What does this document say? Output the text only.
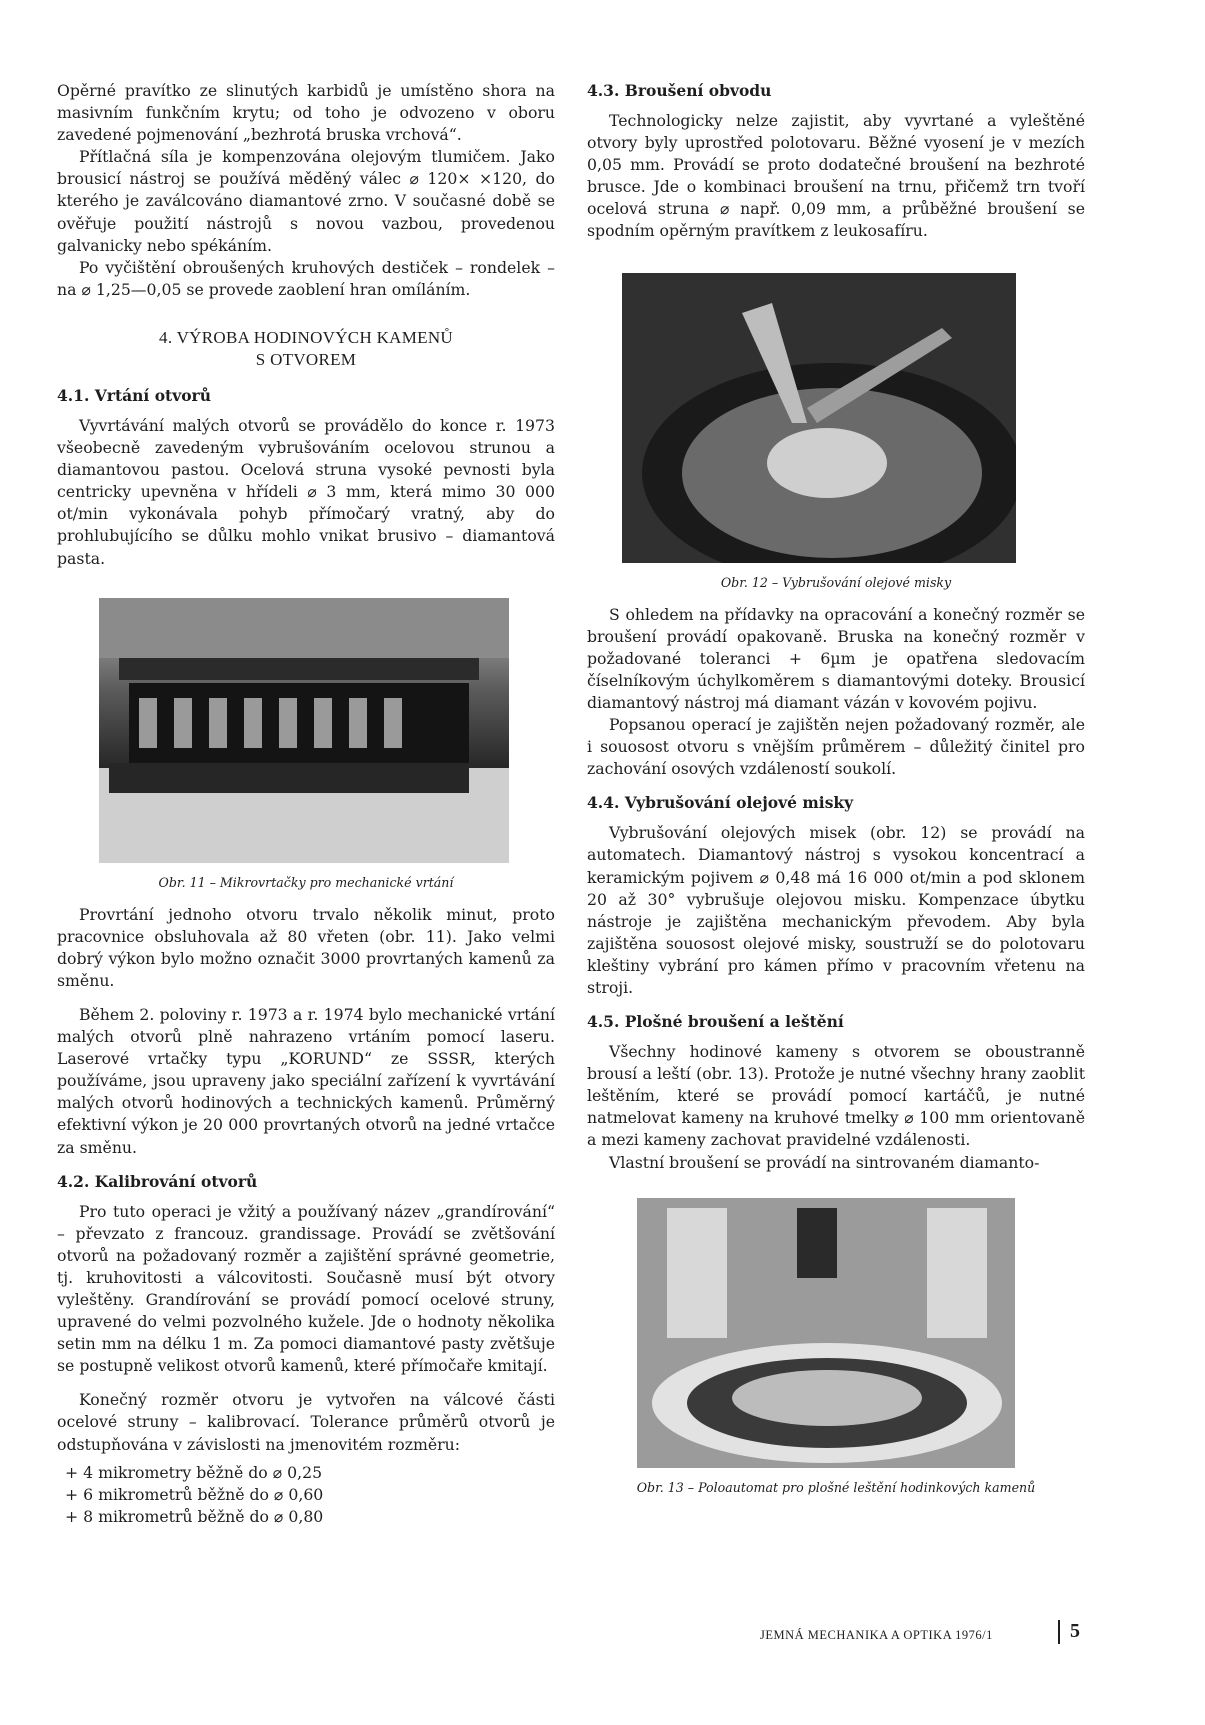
Opěrné pravítko ze slinutých karbidů je umístěno shora na masivním funkčním krytu; od toho je odvozeno v oboru zavedené pojmenování „bezhrotá bruska vrchová“.

Přítlačná síla je kompenzována olejovým tlumičem. Jako brousicí nástroj se používá měděný válec ⌀ 120× ×120, do kterého je zaválcováno diamantové zrno. V současné době se ověřuje použití nástrojů s novou vazbou, provedenou galvanicky nebo spékáním.

Po vyčištění obroušených kruhových destiček – rondelek – na ⌀ 1,25—0,05 se provede zaoblení hran omíláním.

4. VÝROBA HODINOVÝCH KAMENŮ
S OTVOREM
4.1. Vrtání otvorů

Vyvrtávání malých otvorů se provádělo do konce r. 1973 všeobecně zavedeným vybrušováním ocelovou strunou a diamantovou pastou. Ocelová struna vysoké pevnosti byla centricky upevněna v hřídeli ⌀ 3 mm, která mimo 30 000 ot/min vykonávala pohyb přímočarý vratný, aby do prohlubujícího se důlku mohlo vnikat brusivo – diamantová pasta.

Obr. 11 – Mikrovrtačky pro mechanické vrtání

Provrtání jednoho otvoru trvalo několik minut, proto pracovnice obsluhovala až 80 vřeten (obr. 11). Jako velmi dobrý výkon bylo možno označit 3000 provrtaných kamenů za směnu.

Během 2. poloviny r. 1973 a r. 1974 bylo mechanické vrtání malých otvorů plně nahrazeno vrtáním pomocí laseru. Laserové vrtačky typu „KORUND“ ze SSSR, kterých používáme, jsou upraveny jako speciální zařízení k vyvrtávání malých otvorů hodinových a technických kamenů. Průměrný efektivní výkon je 20 000 provrtaných otvorů na jedné vrtačce za směnu.

4.2. Kalibrování otvorů

Pro tuto operaci je vžitý a používaný název „grandírování“ – převzato z francouz. grandissage. Provádí se zvětšování otvorů na požadovaný rozměr a zajištění správné geometrie, tj. kruhovitosti a válcovitosti. Současně musí být otvory vyleštěny. Grandírování se provádí pomocí ocelové struny, upravené do velmi pozvolného kuželе. Jde o hodnoty několika setin mm na délku 1 m. Za pomoci diamantové pasty zvětšuje se postupně velikost otvorů kamenů, které přímočaře kmitají.

Konečný rozměr otvoru je vytvořen na válcové části ocelové struny – kalibrovací. Tolerance průměrů otvorů je odstupňována v závislosti na jmenovitém rozměru:

+ 4 mikrometry běžně do ⌀ 0,25

+ 6 mikrometrů běžně do ⌀ 0,60

+ 8 mikrometrů běžně do ⌀ 0,80

4.3. Broušení obvodu

Technologicky nelze zajistit, aby vyvrtané a vyleštěné otvory byly uprostřed polotovaru. Běžné vyosení je v mezích 0,05 mm. Provádí se proto dodatečné broušení na bezhroté brusce. Jde o kombinaci broušení na trnu, přičemž trn tvoří ocelová struna ⌀ např. 0,09 mm, a průběžné broušení se spodním opěrným pravítkem z leukosafíru.

Obr. 12 – Vybrušování olejové misky

S ohledem na přídavky na opracování a konečný rozměr se broušení provádí opakovaně. Bruska na konečný rozměr v požadované toleranci + 6µm je opatřena sledovacím číselníkovým úchylkoměrem s diamantovými doteky. Brousicí diamantový nástroj má diamant vázán v kovovém pojivu.

Popsanou operací je zajištěn nejen požadovaný rozměr, ale i souosost otvoru s vnějším průměrem – důležitý činitel pro zachování osových vzdáleností soukolí.

4.4. Vybrušování olejové misky

Vybrušování olejových misek (obr. 12) se provádí na automatech. Diamantový nástroj s vysokou koncentrací a keramickým pojivem ⌀ 0,48 má 16 000 ot/min a pod sklonem 20 až 30° vybrušuje olejovou misku. Kompenzace úbytku nástroje je zajištěna mechanickým převodem. Aby byla zajištěna souosost olejové misky, soustruží se do polotovaru kleštiny vybrání pro kámen přímo v pracovním vřetenu na stroji.

4.5. Plošné broušení a leštění

Všechny hodinové kameny s otvorem se oboustranně brousí a leští (obr. 13). Protože je nutné všechny hrany zaoblit leštěním, které se provádí pomocí kartáčů, je nutné natmelovat kameny na kruhové tmelky ⌀ 100 mm orientovaně a mezi kameny zachovat pravidelné vzdálenosti.

Vlastní broušení se provádí na sintrovaném diamanto-

Obr. 13 – Poloautomat pro plošné leštění hodinkových kamenů
JEMNÁ MECHANIKA A OPTIKA 1976/1	5
